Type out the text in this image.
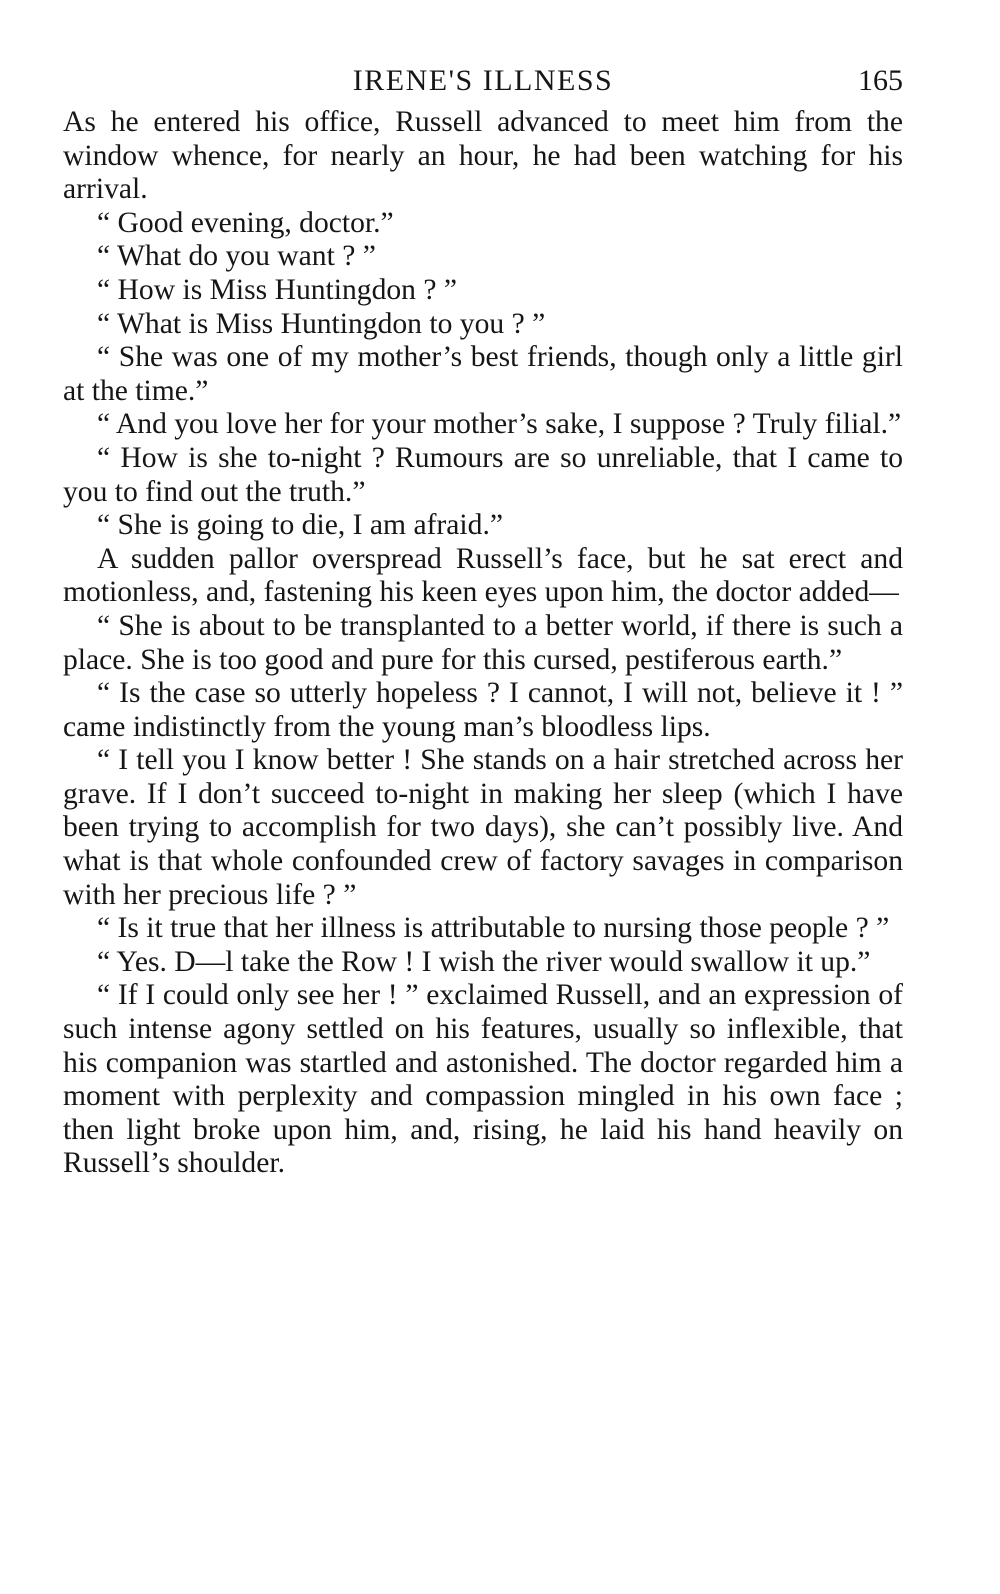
IRENE'S ILLNESS	165

As he entered his office, Russell advanced to meet him from the window whence, for nearly an hour, he had been watching for his arrival.

“ Good evening, doctor.”

“ What do you want ? ”

“ How is Miss Huntingdon ? ”

“ What is Miss Huntingdon to you ? ”

“ She was one of my mother’s best friends, though only a little girl at the time.”

“ And you love her for your mother’s sake, I suppose ? Truly filial.”

“ How is she to-night ? Rumours are so unreliable, that I came to you to find out the truth.”

“ She is going to die, I am afraid.”

A sudden pallor overspread Russell’s face, but he sat erect and motionless, and, fastening his keen eyes upon him, the doctor added—

“ She is about to be transplanted to a better world, if there is such a place. She is too good and pure for this cursed, pestiferous earth.”

“ Is the case so utterly hopeless ? I cannot, I will not, believe it ! ” came indistinctly from the young man’s bloodless lips.

“ I tell you I know better ! She stands on a hair stretched across her grave. If I don’t succeed to-night in making her sleep (which I have been trying to accomplish for two days), she can’t possibly live. And what is that whole confounded crew of factory savages in comparison with her precious life ? ”

“ Is it true that her illness is attributable to nursing those people ? ”

“ Yes. D—l take the Row ! I wish the river would swallow it up.”

“ If I could only see her ! ” exclaimed Russell, and an expression of such intense agony settled on his features, usually so inflexible, that his companion was startled and astonished. The doctor regarded him a moment with perplexity and compassion mingled in his own face ; then light broke upon him, and, rising, he laid his hand heavily on Russell’s shoulder.
